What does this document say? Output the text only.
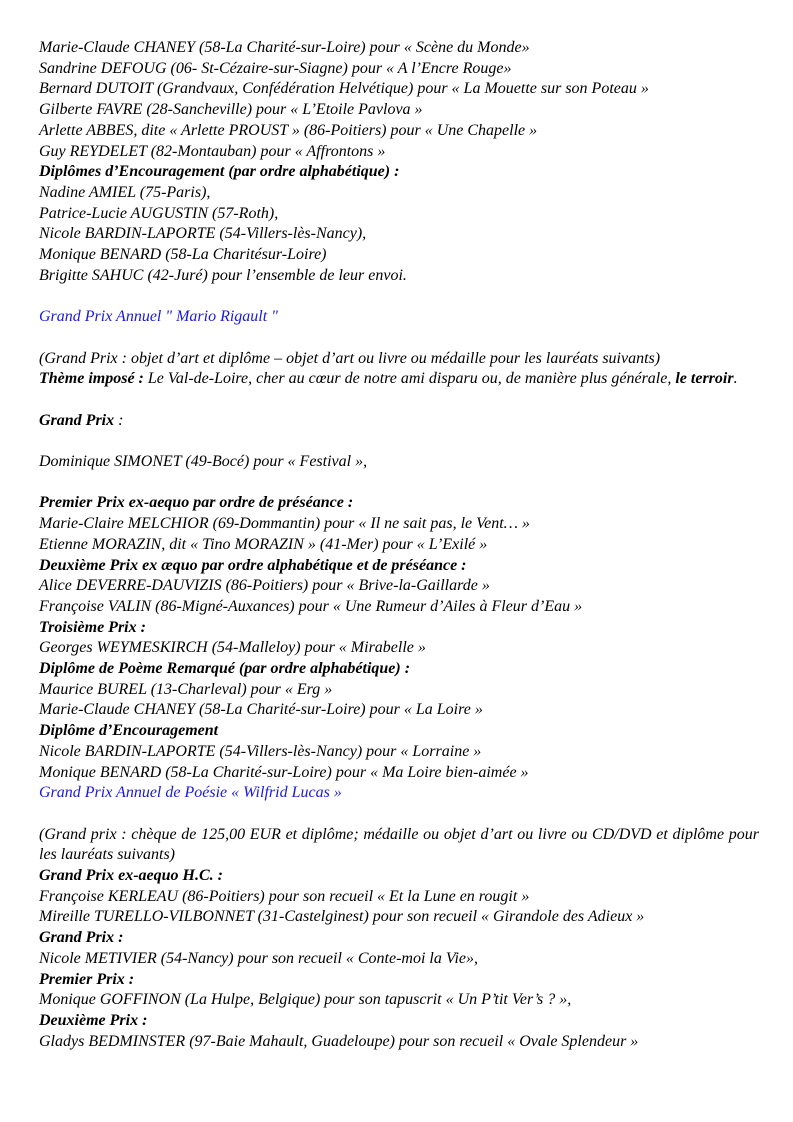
Marie-Claude CHANEY (58-La Charité-sur-Loire) pour « Scène du Monde»
Sandrine DEFOUG (06- St-Cézaire-sur-Siagne) pour « A l’Encre Rouge»
Bernard DUTOIT (Grandvaux, Confédération Helvétique) pour « La Mouette sur son Poteau »
Gilberte FAVRE (28-Sancheville) pour « L’Etoile Pavlova »
Arlette ABBES, dite « Arlette PROUST » (86-Poitiers) pour « Une Chapelle »
Guy REYDELET (82-Montauban) pour « Affrontons »
Diplômes d’Encouragement (par ordre alphabétique) :
Nadine AMIEL (75-Paris),
Patrice-Lucie AUGUSTIN (57-Roth),
Nicole BARDIN-LAPORTE (54-Villers-lès-Nancy),
Monique BENARD (58-La Charitésur-Loire)
Brigitte SAHUC (42-Juré) pour l’ensemble de leur envoi.
Grand Prix Annuel " Mario Rigault "
(Grand Prix : objet d’art et diplôme – objet d’art ou livre ou médaille pour les lauréats suivants)
Thème imposé : Le Val-de-Loire, cher au cœur de notre ami disparu ou, de manière plus générale, le terroir.
Grand Prix :
Dominique SIMONET (49-Bocé) pour « Festival »,
Premier Prix ex-aequo par ordre de préséance :
Marie-Claire MELCHIOR (69-Dommantin) pour « Il ne sait pas, le Vent… »
Etienne MORAZIN, dit « Tino MORAZIN » (41-Mer) pour « L’Exilé »
Deuxième Prix ex æquo par ordre alphabétique et de préséance :
Alice DEVERRE-DAUVIZIS (86-Poitiers) pour « Brive-la-Gaillarde »
Françoise VALIN (86-Migné-Auxances) pour « Une Rumeur d’Ailes à Fleur d’Eau »
Troisième Prix :
Georges WEYMESKIRCH (54-Malleloy) pour « Mirabelle »
Diplôme de Poème Remarqué (par ordre alphabétique) :
Maurice BUREL (13-Charleval) pour « Erg »
Marie-Claude CHANEY (58-La Charité-sur-Loire) pour « La Loire »
Diplôme d’Encouragement
Nicole BARDIN-LAPORTE (54-Villers-lès-Nancy) pour « Lorraine »
Monique BENARD (58-La Charité-sur-Loire) pour « Ma Loire bien-aimée »
Grand Prix Annuel de Poésie « Wilfrid Lucas »
(Grand prix : chèque de 125,00 EUR et diplôme; médaille ou objet d’art ou livre ou CD/DVD et diplôme pour les lauréats suivants)
Grand Prix ex-aequo H.C. :
Françoise KERLEAU (86-Poitiers) pour son recueil « Et la Lune en rougit »
Mireille TURELLO-VILBONNET (31-Castelginest) pour son recueil « Girandole des Adieux »
Grand Prix :
Nicole METIVIER (54-Nancy) pour son recueil « Conte-moi la Vie»,
Premier Prix :
Monique GOFFINON (La Hulpe, Belgique) pour son tapuscrit « Un P’tit Ver’s ? »,
Deuxième Prix :
Gladys BEDMINSTER (97-Baie Mahault, Guadeloupe) pour son recueil « Ovale Splendeur »
